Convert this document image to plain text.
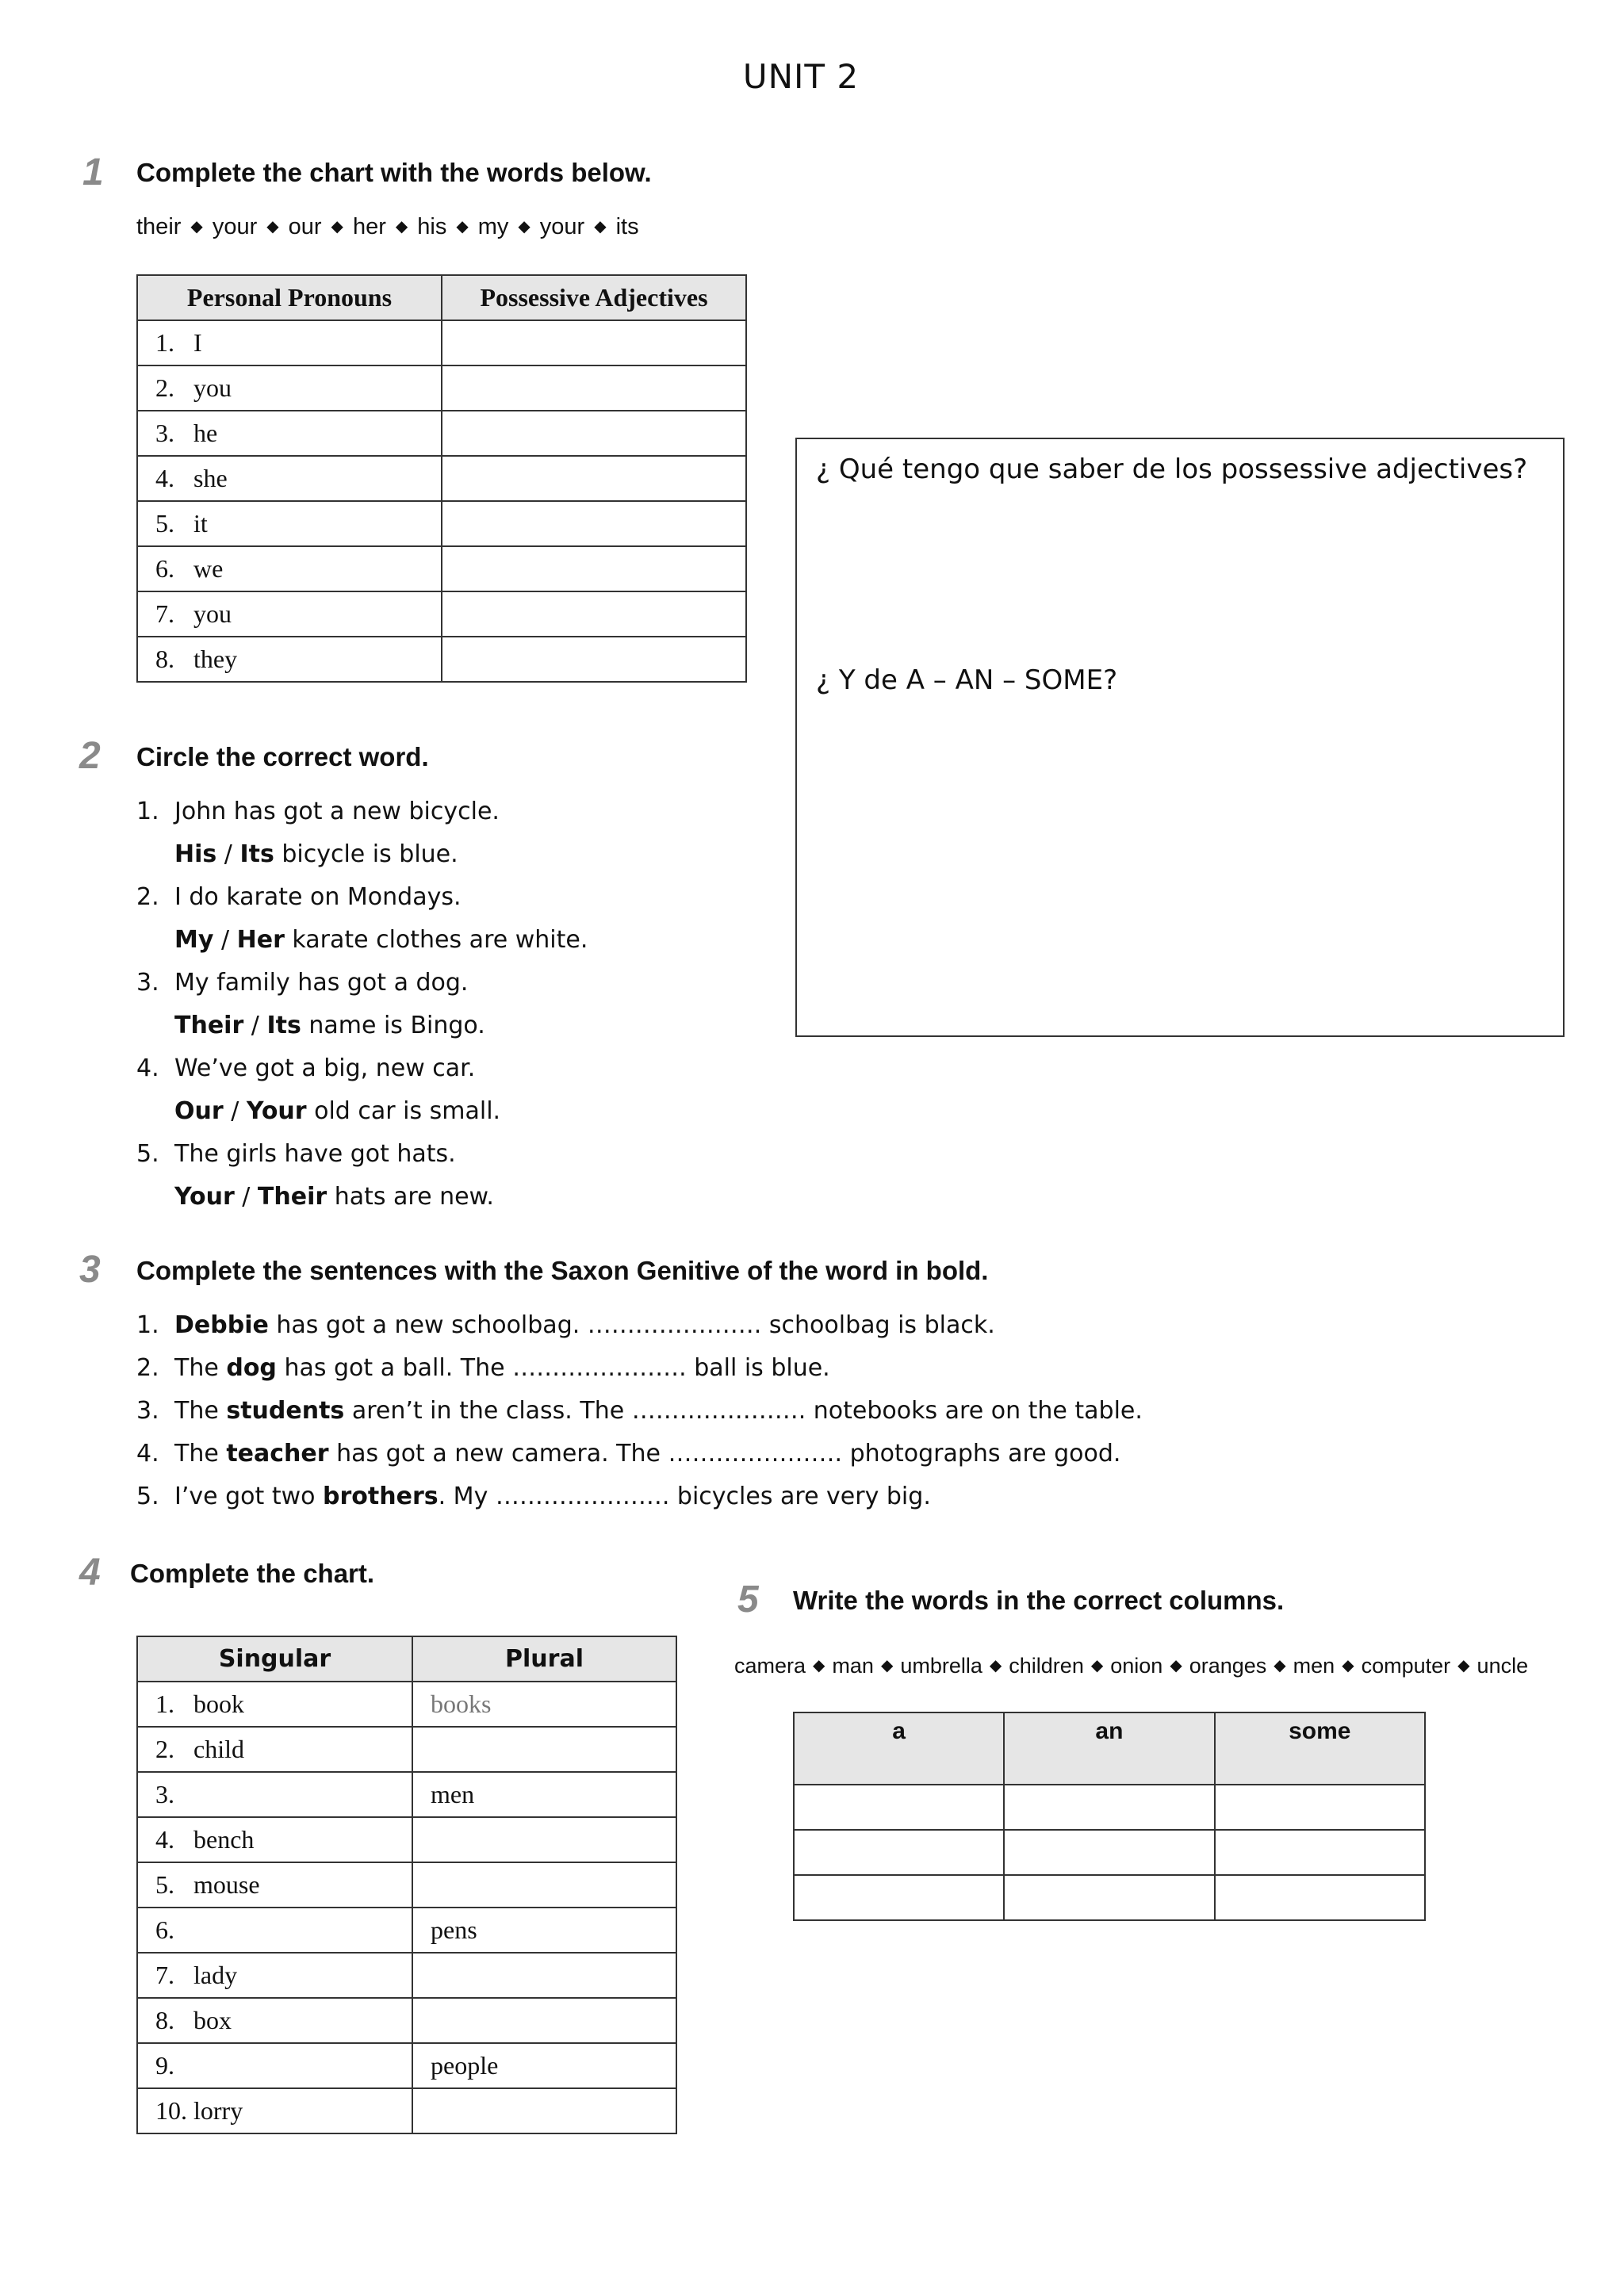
UNIT 2
1 Complete the chart with the words below.
their ◆ your ◆ our ◆ her ◆ his ◆ my ◆ your ◆ its
Personal Pronouns	Possessive Adjectives
1. I	
2. you	
3. he	
4. she	
5. it	
6. we	
7. you	
8. they	

¿ Qué tengo que saber de los possessive adjectives?

¿ Y de A – AN – SOME?

2 Circle the correct word.
1. John has got a new bicycle.
His / Its bicycle is blue.
2. I do karate on Mondays.
My / Her karate clothes are white.
3. My family has got a dog.
Their / Its name is Bingo.
4. We’ve got a big, new car.
Our / Your old car is small.
5. The girls have got hats.
Your / Their hats are new.
3 Complete the sentences with the Saxon Genitive of the word in bold.
1. Debbie has got a new schoolbag. …………………. schoolbag is black.
2. The dog has got a ball. The …………………. ball is blue.
3. The students aren’t in the class. The …………………. notebooks are on the table.
4. The teacher has got a new camera. The …………………. photographs are good.
5. I’ve got two brothers. My …………………. bicycles are very big.
4 Complete the chart.
Singular	Plural
1. book	books
2. child	
3.	men
4. bench	
5. mouse	
6.	pens
7. lady	
8. box	
9.	people
10. lorry	
5 Write the words in the correct columns.
camera ◆ man ◆ umbrella ◆ children ◆ onion ◆ oranges ◆ men ◆ computer ◆ uncle
a	an	some
